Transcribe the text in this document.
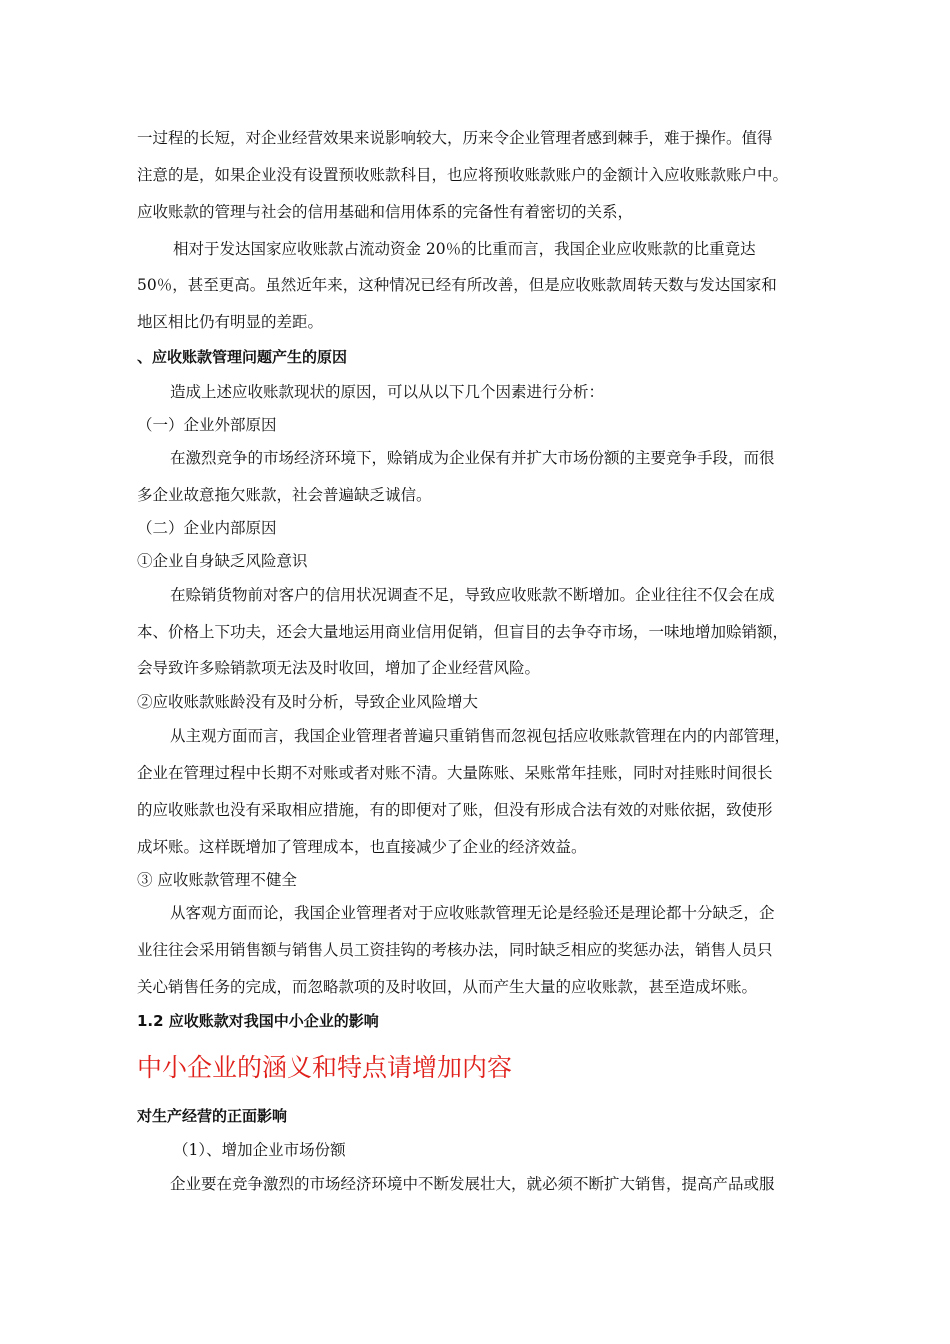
一过程的长短，对企业经营效果来说影响较大，历来令企业管理者感到棘手，难于操作。值得
注意的是，如果企业没有设置预收账款科目，也应将预收账款账户的金额计入应收账款账户中。
应收账款的管理与社会的信用基础和信用体系的完备性有着密切的关系，
相对于发达国家应收账款占流动资金 20％的比重而言，我国企业应收账款的比重竟达
50％，甚至更高。虽然近年来，这种情况已经有所改善，但是应收账款周转天数与发达国家和
地区相比仍有明显的差距。
、应收账款管理问题产生的原因
造成上述应收账款现状的原因，可以从以下几个因素进行分析：
（一）企业外部原因
在激烈竞争的市场经济环境下，赊销成为企业保有并扩大市场份额的主要竞争手段，而很
多企业故意拖欠账款，社会普遍缺乏诚信。
（二）企业内部原因
①企业自身缺乏风险意识
在赊销货物前对客户的信用状况调查不足，导致应收账款不断增加。企业往往不仅会在成
本、价格上下功夫，还会大量地运用商业信用促销，但盲目的去争夺市场，一味地增加赊销额，
会导致许多赊销款项无法及时收回，增加了企业经营风险。
②应收账款账龄没有及时分析，导致企业风险增大
从主观方面而言，我国企业管理者普遍只重销售而忽视包括应收账款管理在内的内部管理，
企业在管理过程中长期不对账或者对账不清。大量陈账、呆账常年挂账，同时对挂账时间很长
的应收账款也没有采取相应措施，有的即便对了账，但没有形成合法有效的对账依据，致使形
成坏账。这样既增加了管理成本，也直接减少了企业的经济效益。
③ 应收账款管理不健全
从客观方面而论，我国企业管理者对于应收账款管理无论是经验还是理论都十分缺乏，企
业往往会采用销售额与销售人员工资挂钩的考核办法，同时缺乏相应的奖惩办法，销售人员只
关心销售任务的完成，而忽略款项的及时收回，从而产生大量的应收账款，甚至造成坏账。
1.2 应收账款对我国中小企业的影响
中小企业的涵义和特点请增加内容
对生产经营的正面影响
（1）、增加企业市场份额
企业要在竞争激烈的市场经济环境中不断发展壮大，就必须不断扩大销售，提高产品或服
